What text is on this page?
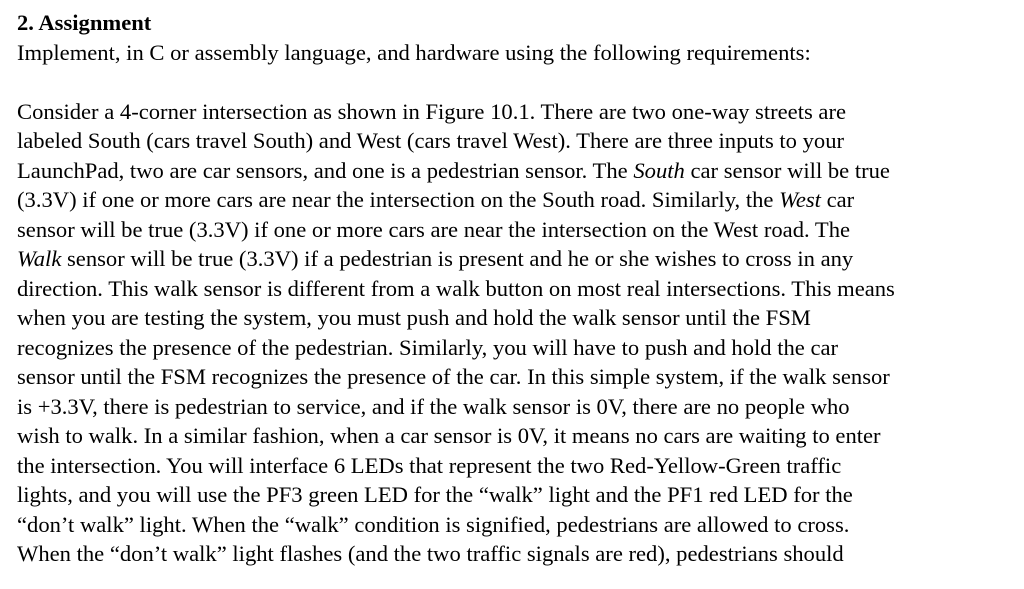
2. Assignment
Implement, in C or assembly language, and hardware using the following requirements:
Consider a 4-corner intersection as shown in Figure 10.1. There are two one-way streets are
labeled South (cars travel South) and West (cars travel West). There are three inputs to your
LaunchPad, two are car sensors, and one is a pedestrian sensor. The South car sensor will be true
(3.3V) if one or more cars are near the intersection on the South road. Similarly, the West car
sensor will be true (3.3V) if one or more cars are near the intersection on the West road. The
Walk sensor will be true (3.3V) if a pedestrian is present and he or she wishes to cross in any
direction. This walk sensor is different from a walk button on most real intersections. This means
when you are testing the system, you must push and hold the walk sensor until the FSM
recognizes the presence of the pedestrian. Similarly, you will have to push and hold the car
sensor until the FSM recognizes the presence of the car. In this simple system, if the walk sensor
is +3.3V, there is pedestrian to service, and if the walk sensor is 0V, there are no people who
wish to walk. In a similar fashion, when a car sensor is 0V, it means no cars are waiting to enter
the intersection. You will interface 6 LEDs that represent the two Red-Yellow-Green traffic
lights, and you will use the PF3 green LED for the “walk” light and the PF1 red LED for the
“don’t walk” light. When the “walk” condition is signified, pedestrians are allowed to cross.
When the “don’t walk” light flashes (and the two traffic signals are red), pedestrians should
